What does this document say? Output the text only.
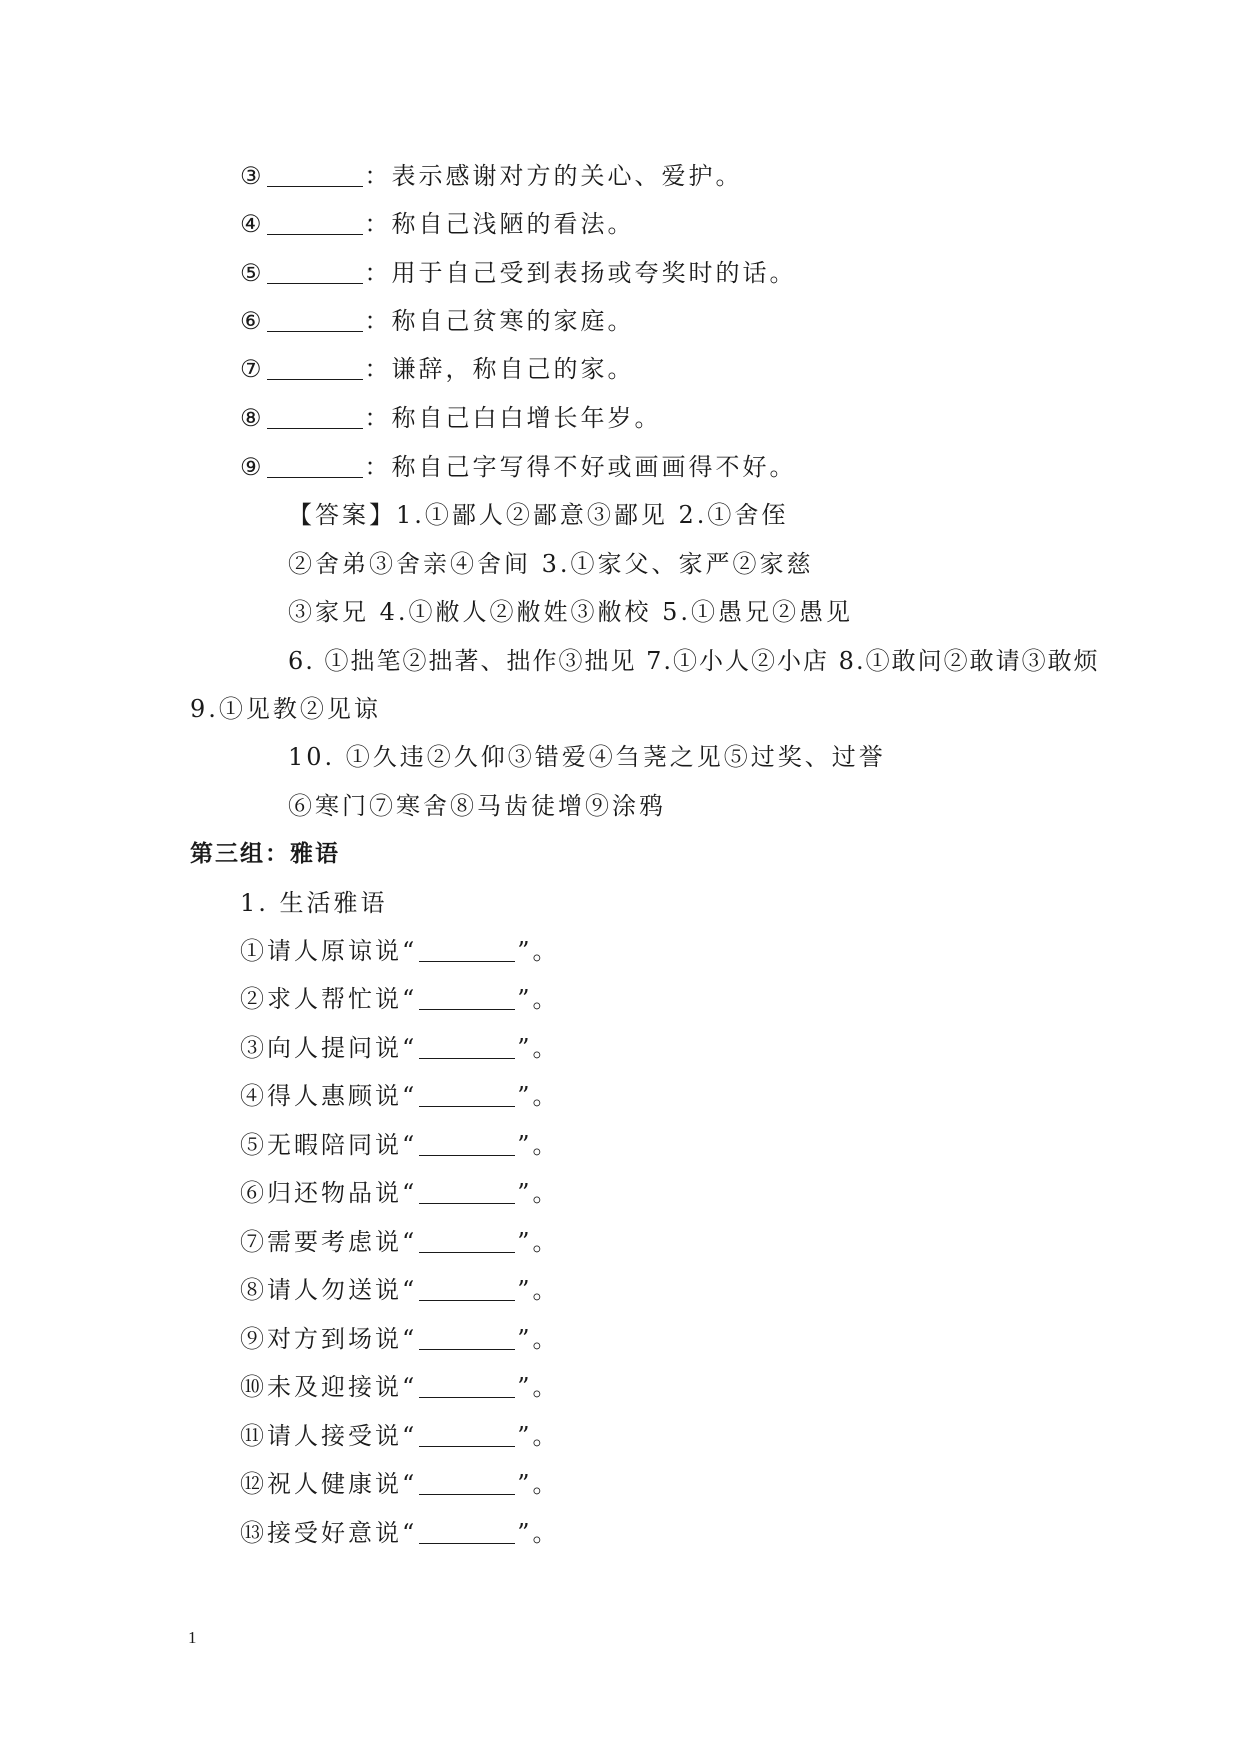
③	：表示感谢对方的关心、爱护。
④	：称自己浅陋的看法。
⑤	：用于自己受到表扬或夸奖时的话。
⑥	：称自己贫寒的家庭。
⑦	：谦辞，称自己的家。
⑧	：称自己白白增长年岁。
⑨	：称自己字写得不好或画画得不好。
【答案】1.①鄙人②鄙意③鄙见 2.①舍侄
②舍弟③舍亲④舍间 3.①家父、家严②家慈
③家兄 4.①敝人②敝姓③敝校 5.①愚兄②愚见
6. ①拙笔②拙著、拙作③拙见 7.①小人②小店 8.①敢问②敢请③敢烦
9.①见教②见谅
10. ①久违②久仰③错爱④刍荛之见⑤过奖、过誉
⑥寒门⑦寒舍⑧马齿徒增⑨涂鸦
第三组：雅语
1. 生活雅语
①请人原谅说“	”。
②求人帮忙说“	”。
③向人提问说“	”。
④得人惠顾说“	”。
⑤无暇陪同说“	”。
⑥归还物品说“	”。
⑦需要考虑说“	”。
⑧请人勿送说“	”。
⑨对方到场说“	”。
⑩未及迎接说“	”。
⑪请人接受说“	”。
⑫祝人健康说“	”。
⑬接受好意说“	”。
1
